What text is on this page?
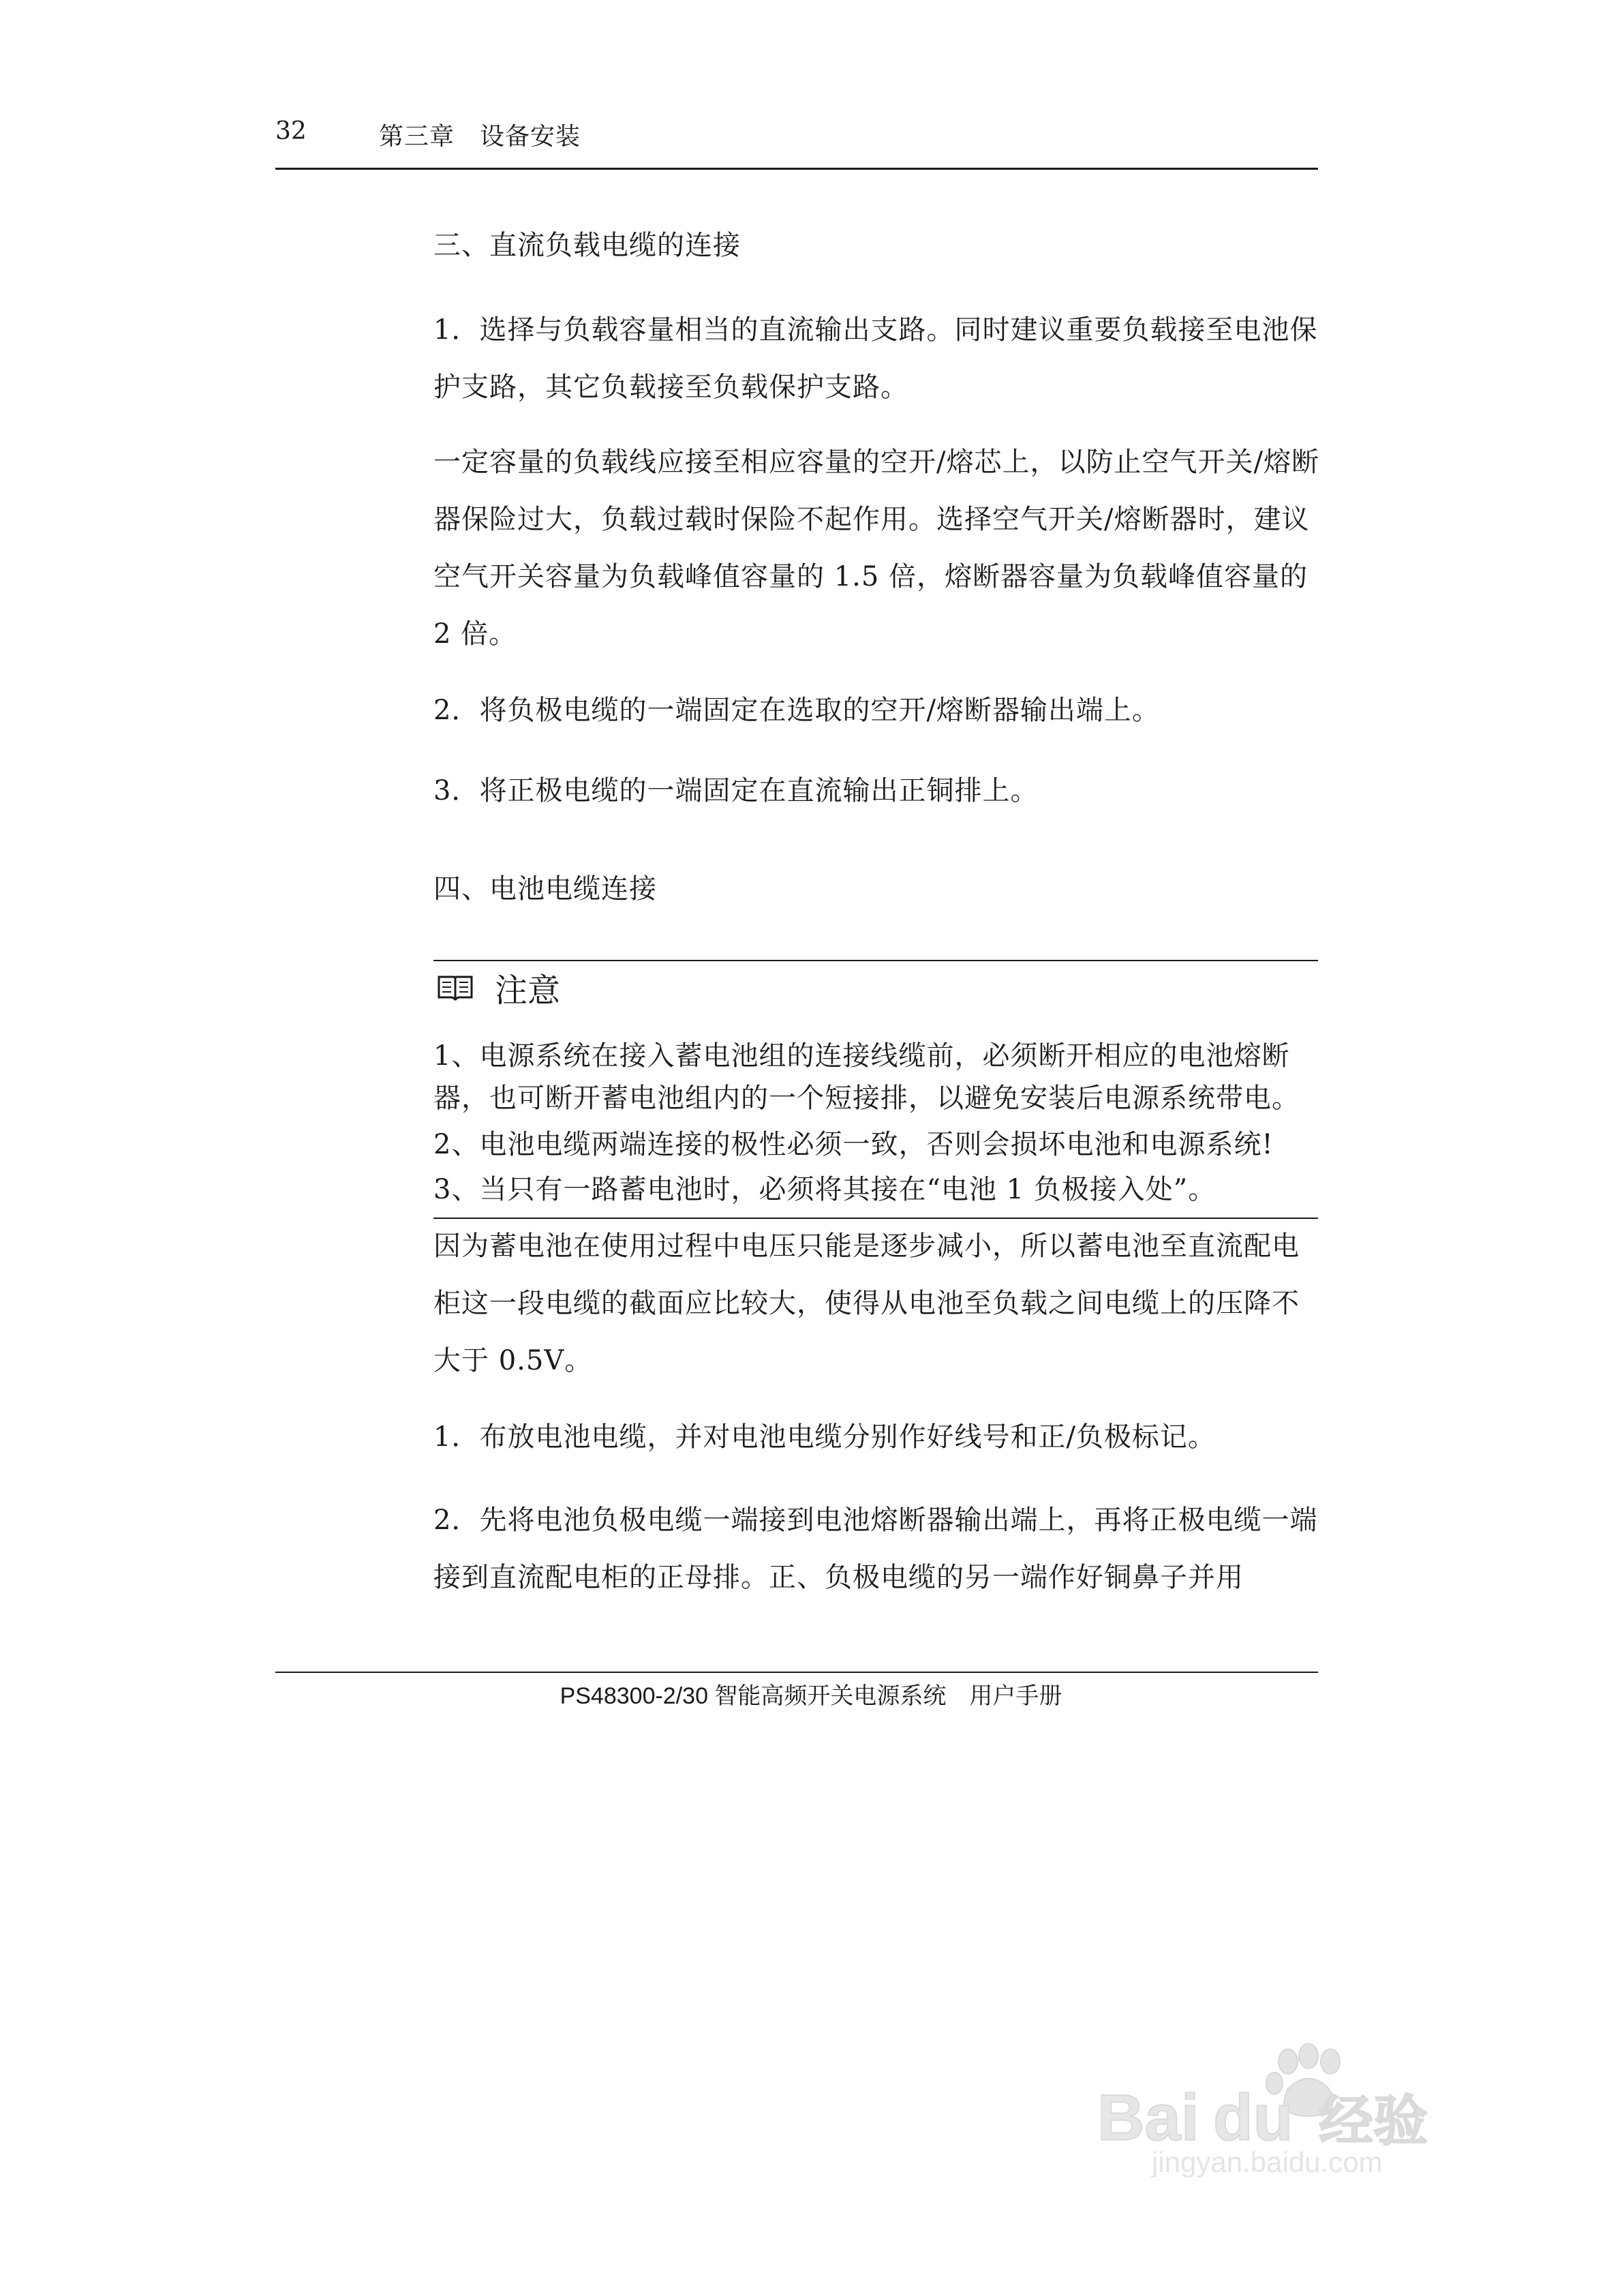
32	第三章　设备安装

三、直流负载电缆的连接

1．选择与负载容量相当的直流输出支路。同时建议重要负载接至电池保护支路，其它负载接至负载保护支路。

一定容量的负载线应接至相应容量的空开/熔芯上，以防止空气开关/熔断器保险过大，负载过载时保险不起作用。选择空气开关/熔断器时，建议空气开关容量为负载峰值容量的 1.5 倍，熔断器容量为负载峰值容量的 2 倍。

2．将负极电缆的一端固定在选取的空开/熔断器输出端上。

3．将正极电缆的一端固定在直流输出正铜排上。

四、电池电缆连接

注意

1、电源系统在接入蓄电池组的连接线缆前，必须断开相应的电池熔断器，也可断开蓄电池组内的一个短接排，以避免安装后电源系统带电。

2、电池电缆两端连接的极性必须一致，否则会损坏电池和电源系统!

3、当只有一路蓄电池时，必须将其接在“电池 1 负极接入处”。

因为蓄电池在使用过程中电压只能是逐步减小，所以蓄电池至直流配电柜这一段电缆的截面应比较大，使得从电池至负载之间电缆上的压降不大于 0.5V。

1．布放电池电缆，并对电池电缆分别作好线号和正/负极标记。

2．先将电池负极电缆一端接到电池熔断器输出端上，再将正极电缆一端接到直流配电柜的正母排。正、负极电缆的另一端作好铜鼻子并用

PS48300-2/30 智能高频开关电源系统　用户手册
Bai du 经验
jingyan.baidu.com
